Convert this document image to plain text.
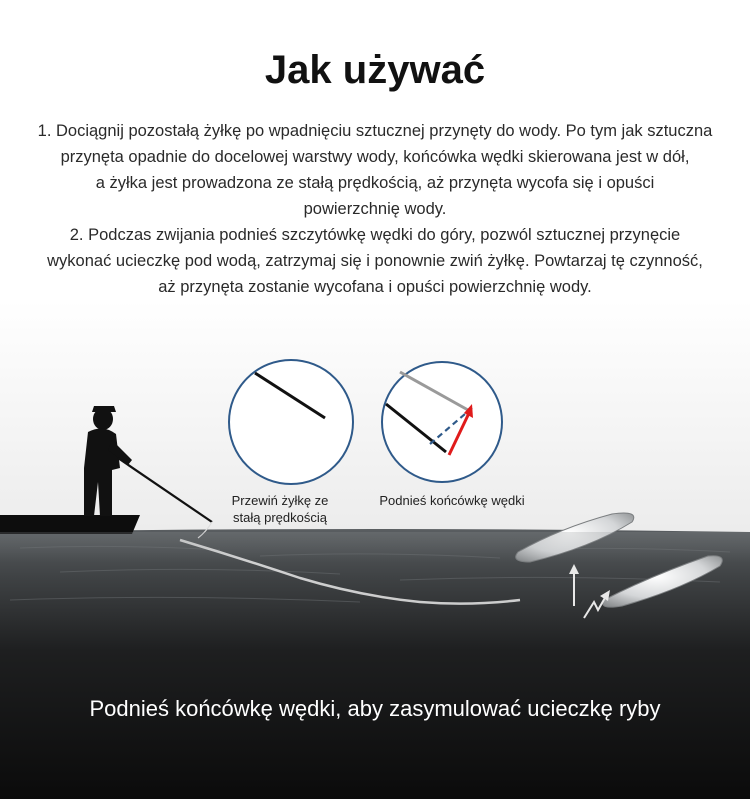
Jak używać

1. Dociągnij pozostałą żyłkę po wpadnięciu sztucznej przynęty do wody. Po tym jak sztuczna

przynęta opadnie do docelowej warstwy wody, końcówka wędki skierowana jest w dół,

a żyłka jest prowadzona ze stałą prędkością, aż przynęta wycofa się i opuści

powierzchnię wody.

2. Podczas zwijania podnieś szczytówkę wędki do góry, pozwól sztucznej przynęcie

wykonać ucieczkę pod wodą, zatrzymaj się i ponownie zwiń żyłkę. Powtarzaj tę czynność,

aż przynęta zostanie wycofana i opuści powierzchnię wody.

Przewiń żyłkę ze
stałą prędkością
Podnieś końcówkę wędki
Podnieś końcówkę wędki, aby zasymulować ucieczkę ryby
